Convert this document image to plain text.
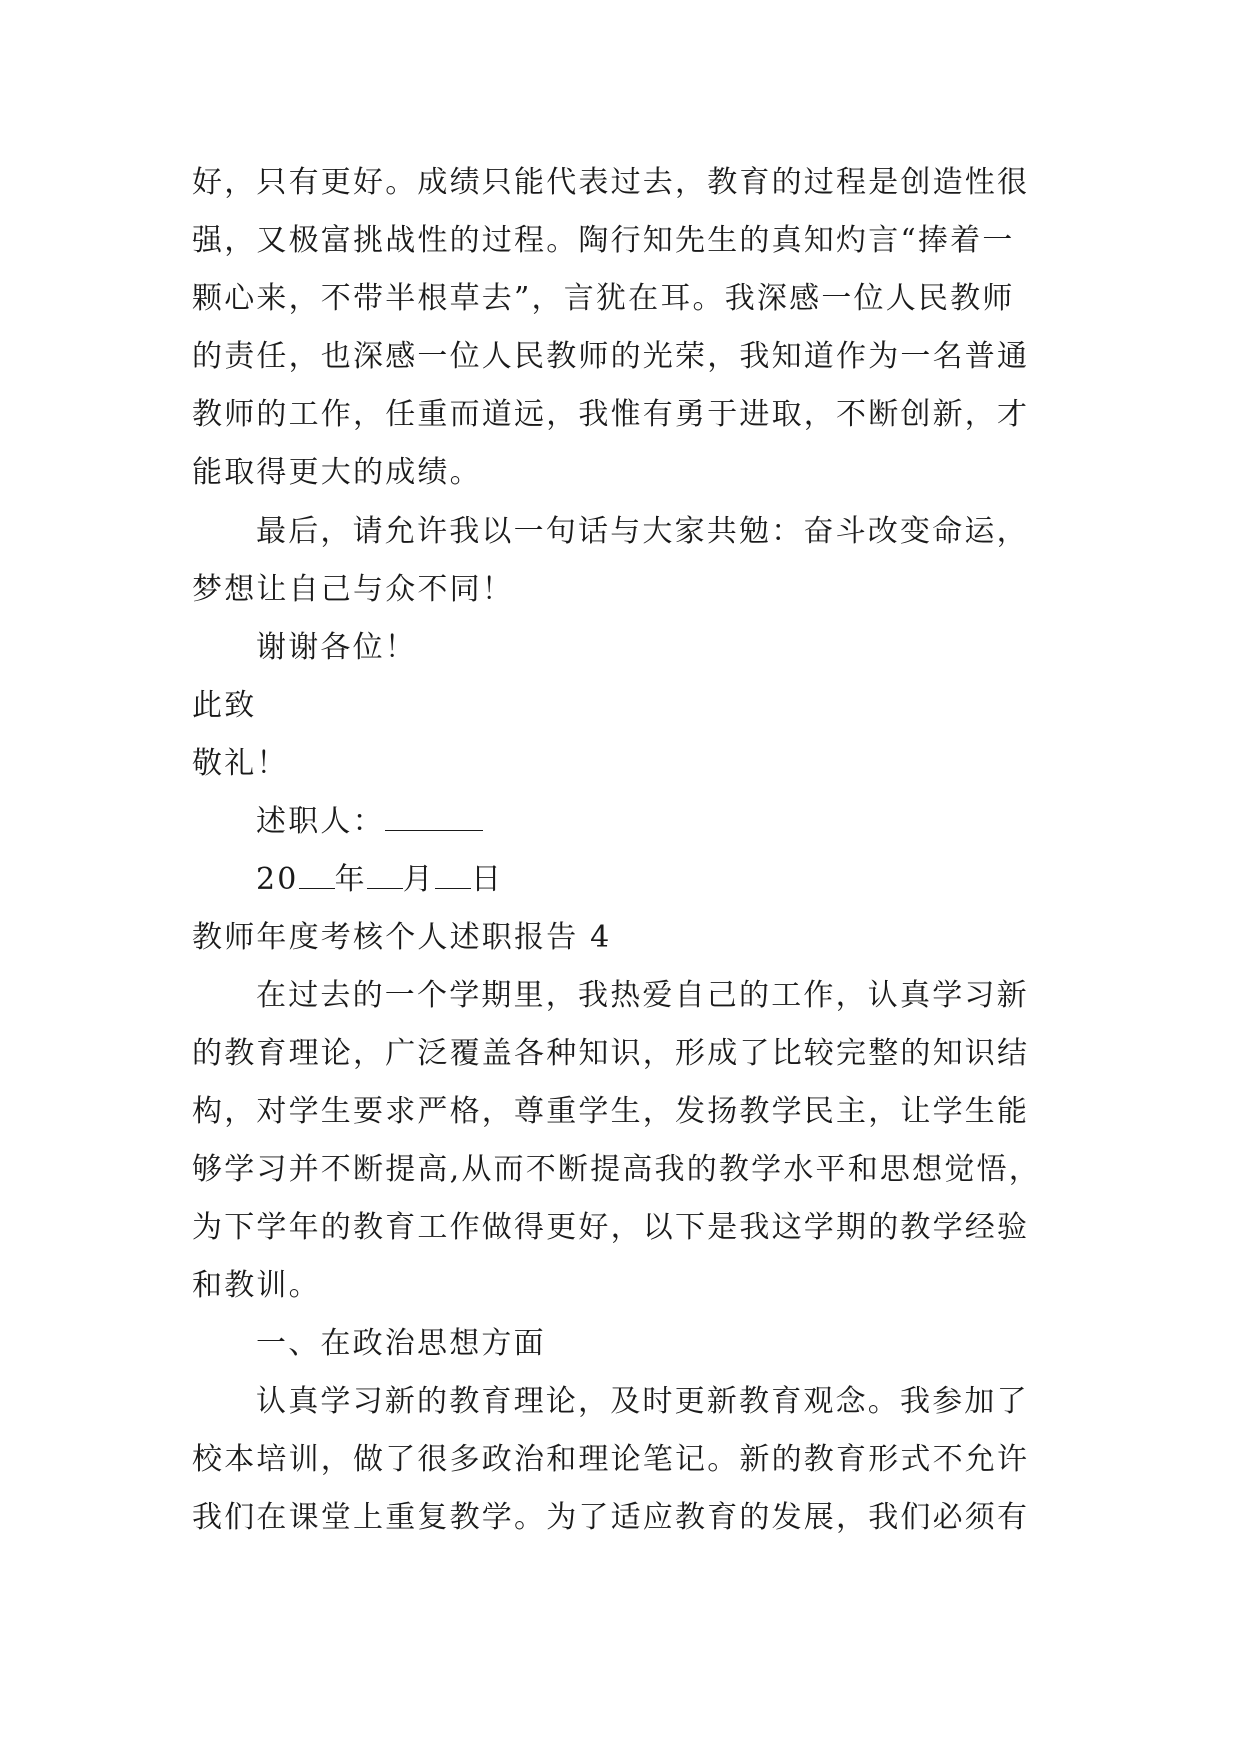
好，只有更好。成绩只能代表过去，教育的过程是创造性很
强，又极富挑战性的过程。陶行知先生的真知灼言“捧着一
颗心来，不带半根草去”，言犹在耳。我深感一位人民教师
的责任，也深感一位人民教师的光荣，我知道作为一名普通
教师的工作，任重而道远，我惟有勇于进取，不断创新，才
能取得更大的成绩。
最后，请允许我以一句话与大家共勉：奋斗改变命运，
梦想让自己与众不同！
谢谢各位！
此致
敬礼！
述职人：
20 年 月 日
教师年度考核个人述职报告 4
在过去的一个学期里，我热爱自己的工作，认真学习新
的教育理论，广泛覆盖各种知识，形成了比较完整的知识结
构，对学生要求严格，尊重学生，发扬教学民主，让学生能
够学习并不断提高,从而不断提高我的教学水平和思想觉悟，
为下学年的教育工作做得更好，以下是我这学期的教学经验
和教训。
一、在政治思想方面
认真学习新的教育理论，及时更新教育观念。我参加了
校本培训，做了很多政治和理论笔记。新的教育形式不允许
我们在课堂上重复教学。为了适应教育的发展，我们必须有
